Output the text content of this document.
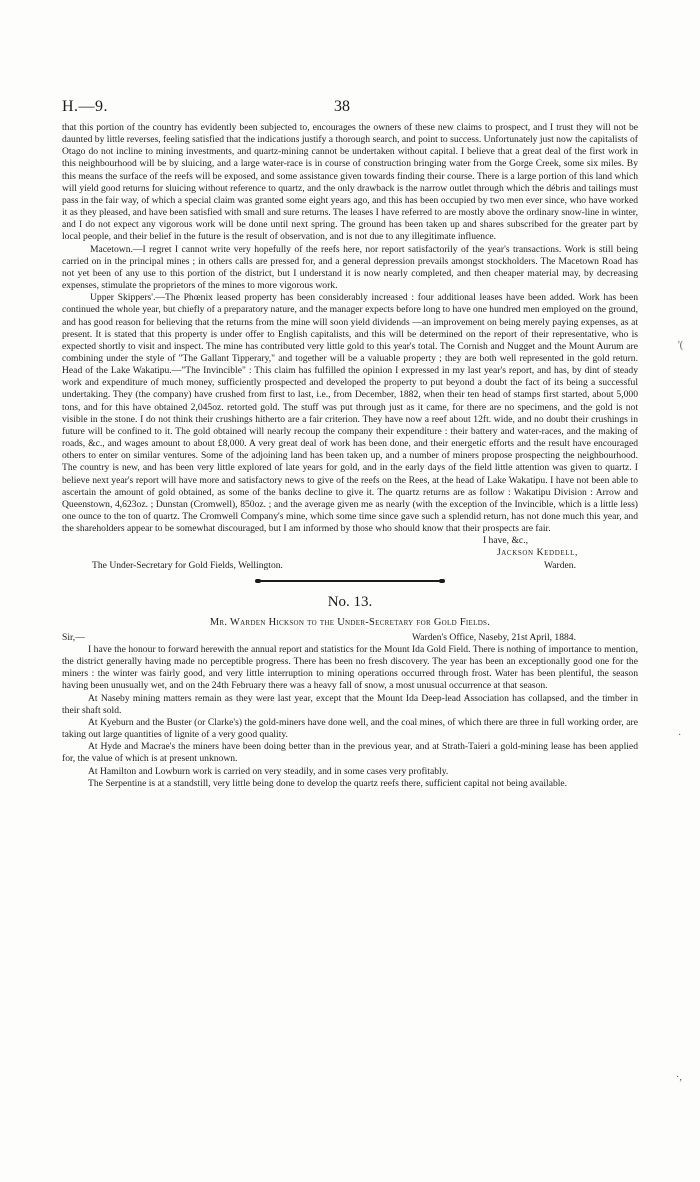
H.—9.	38

that this portion of the country has evidently been subjected to, encourages the owners of these new claims to prospect, and I trust they will not be daunted by little reverses, feeling satisfied that the indications justify a thorough search, and point to success. Unfortunately just now the capitalists of Otago do not incline to mining investments, and quartz-mining cannot be undertaken without capital. I believe that a great deal of the first work in this neighbourhood will be by sluicing, and a large water-race is in course of construction bringing water from the Gorge Creek, some six miles. By this means the surface of the reefs will be exposed, and some assistance given towards finding their course. There is a large portion of this land which will yield good returns for sluicing without reference to quartz, and the only drawback is the narrow outlet through which the débris and tailings must pass in the fair way, of which a special claim was granted some eight years ago, and this has been occupied by two men ever since, who have worked it as they pleased, and have been satisfied with small and sure returns. The leases I have referred to are mostly above the ordinary snow-line in winter, and I do not expect any vigorous work will be done until next spring. The ground has been taken up and shares subscribed for the greater part by local people, and their belief in the future is the result of observation, and is not due to any illegitimate influence.

Macetown.—I regret I cannot write very hopefully of the reefs here, nor report satisfactorily of the year's transactions. Work is still being carried on in the principal mines ; in others calls are pressed for, and a general depression prevails amongst stockholders. The Macetown Road has not yet been of any use to this portion of the district, but I understand it is now nearly completed, and then cheaper material may, by decreasing expenses, stimulate the proprietors of the mines to more vigorous work.

Upper Skippers'.—The Phœnix leased property has been considerably increased : four additional leases have been added. Work has been continued the whole year, but chiefly of a preparatory nature, and the manager expects before long to have one hundred men employed on the ground, and has good reason for believing that the returns from the mine will soon yield dividends —an improvement on being merely paying expenses, as at present. It is stated that this property is under offer to English capitalists, and this will be determined on the report of their representative, who is expected shortly to visit and inspect. The mine has contributed very little gold to this year's total. The Cornish and Nugget and the Mount Aurum are combining under the style of "The Gallant Tipperary," and together will be a valuable property ; they are both well represented in the gold return. Head of the Lake Wakatipu.—"The Invincible" : This claim has fulfilled the opinion I expressed in my last year's report, and has, by dint of steady work and expenditure of much money, sufficiently prospected and developed the property to put beyond a doubt the fact of its being a successful undertaking. They (the company) have crushed from first to last, i.e., from December, 1882, when their ten head of stamps first started, about 5,000 tons, and for this have obtained 2,045oz. retorted gold. The stuff was put through just as it came, for there are no specimens, and the gold is not visible in the stone. I do not think their crushings hitherto are a fair criterion. They have now a reef about 12ft. wide, and no doubt their crushings in future will be confined to it. The gold obtained will nearly recoup the company their expenditure : their battery and water-races, and the making of roads, &c., and wages amount to about £8,000. A very great deal of work has been done, and their energetic efforts and the result have encouraged others to enter on similar ventures. Some of the adjoining land has been taken up, and a number of miners propose prospecting the neighbourhood. The country is new, and has been very little explored of late years for gold, and in the early days of the field little attention was given to quartz. I believe next year's report will have more and satisfactory news to give of the reefs on the Rees, at the head of Lake Wakatipu. I have not been able to ascertain the amount of gold obtained, as some of the banks decline to give it. The quartz returns are as follow : Wakatipu Division : Arrow and Queenstown, 4,623oz. ; Dunstan (Cromwell), 850oz. ; and the average given me as nearly (with the exception of the Invincible, which is a little less) one ounce to the ton of quartz. The Cromwell Company's mine, which some time since gave such a splendid return, has not done much this year, and the shareholders appear to be somewhat discouraged, but I am informed by those who should know that their prospects are fair.

I have, &c.,
Jackson Keddell,
The Under-Secretary for Gold Fields, Wellington.	Warden.
No. 13.
Mr. Warden Hickson to the Under-Secretary for Gold Fields.
Sir,—	Warden's Office, Naseby, 21st April, 1884.

I have the honour to forward herewith the annual report and statistics for the Mount Ida Gold Field. There is nothing of importance to mention, the district generally having made no perceptible progress. There has been no fresh discovery. The year has been an exceptionally good one for the miners : the winter was fairly good, and very little interruption to mining operations occurred through frost. Water has been plentiful, the season having been unusually wet, and on the 24th February there was a heavy fall of snow, a most unusual occurrence at that season.

At Naseby mining matters remain as they were last year, except that the Mount Ida Deep-lead Association has collapsed, and the timber in their shaft sold.

At Kyeburn and the Buster (or Clarke's) the gold-miners have done well, and the coal mines, of which there are three in full working order, are taking out large quantities of lignite of a very good quality.

At Hyde and Macrae's the miners have been doing better than in the previous year, and at Strath-Taieri a gold-mining lease has been applied for, the value of which is at present unknown.

At Hamilton and Lowburn work is carried on very steadily, and in some cases very profitably.

The Serpentine is at a standstill, very little being done to develop the quartz reefs there, sufficient capital not being available.

'(
·
·,
